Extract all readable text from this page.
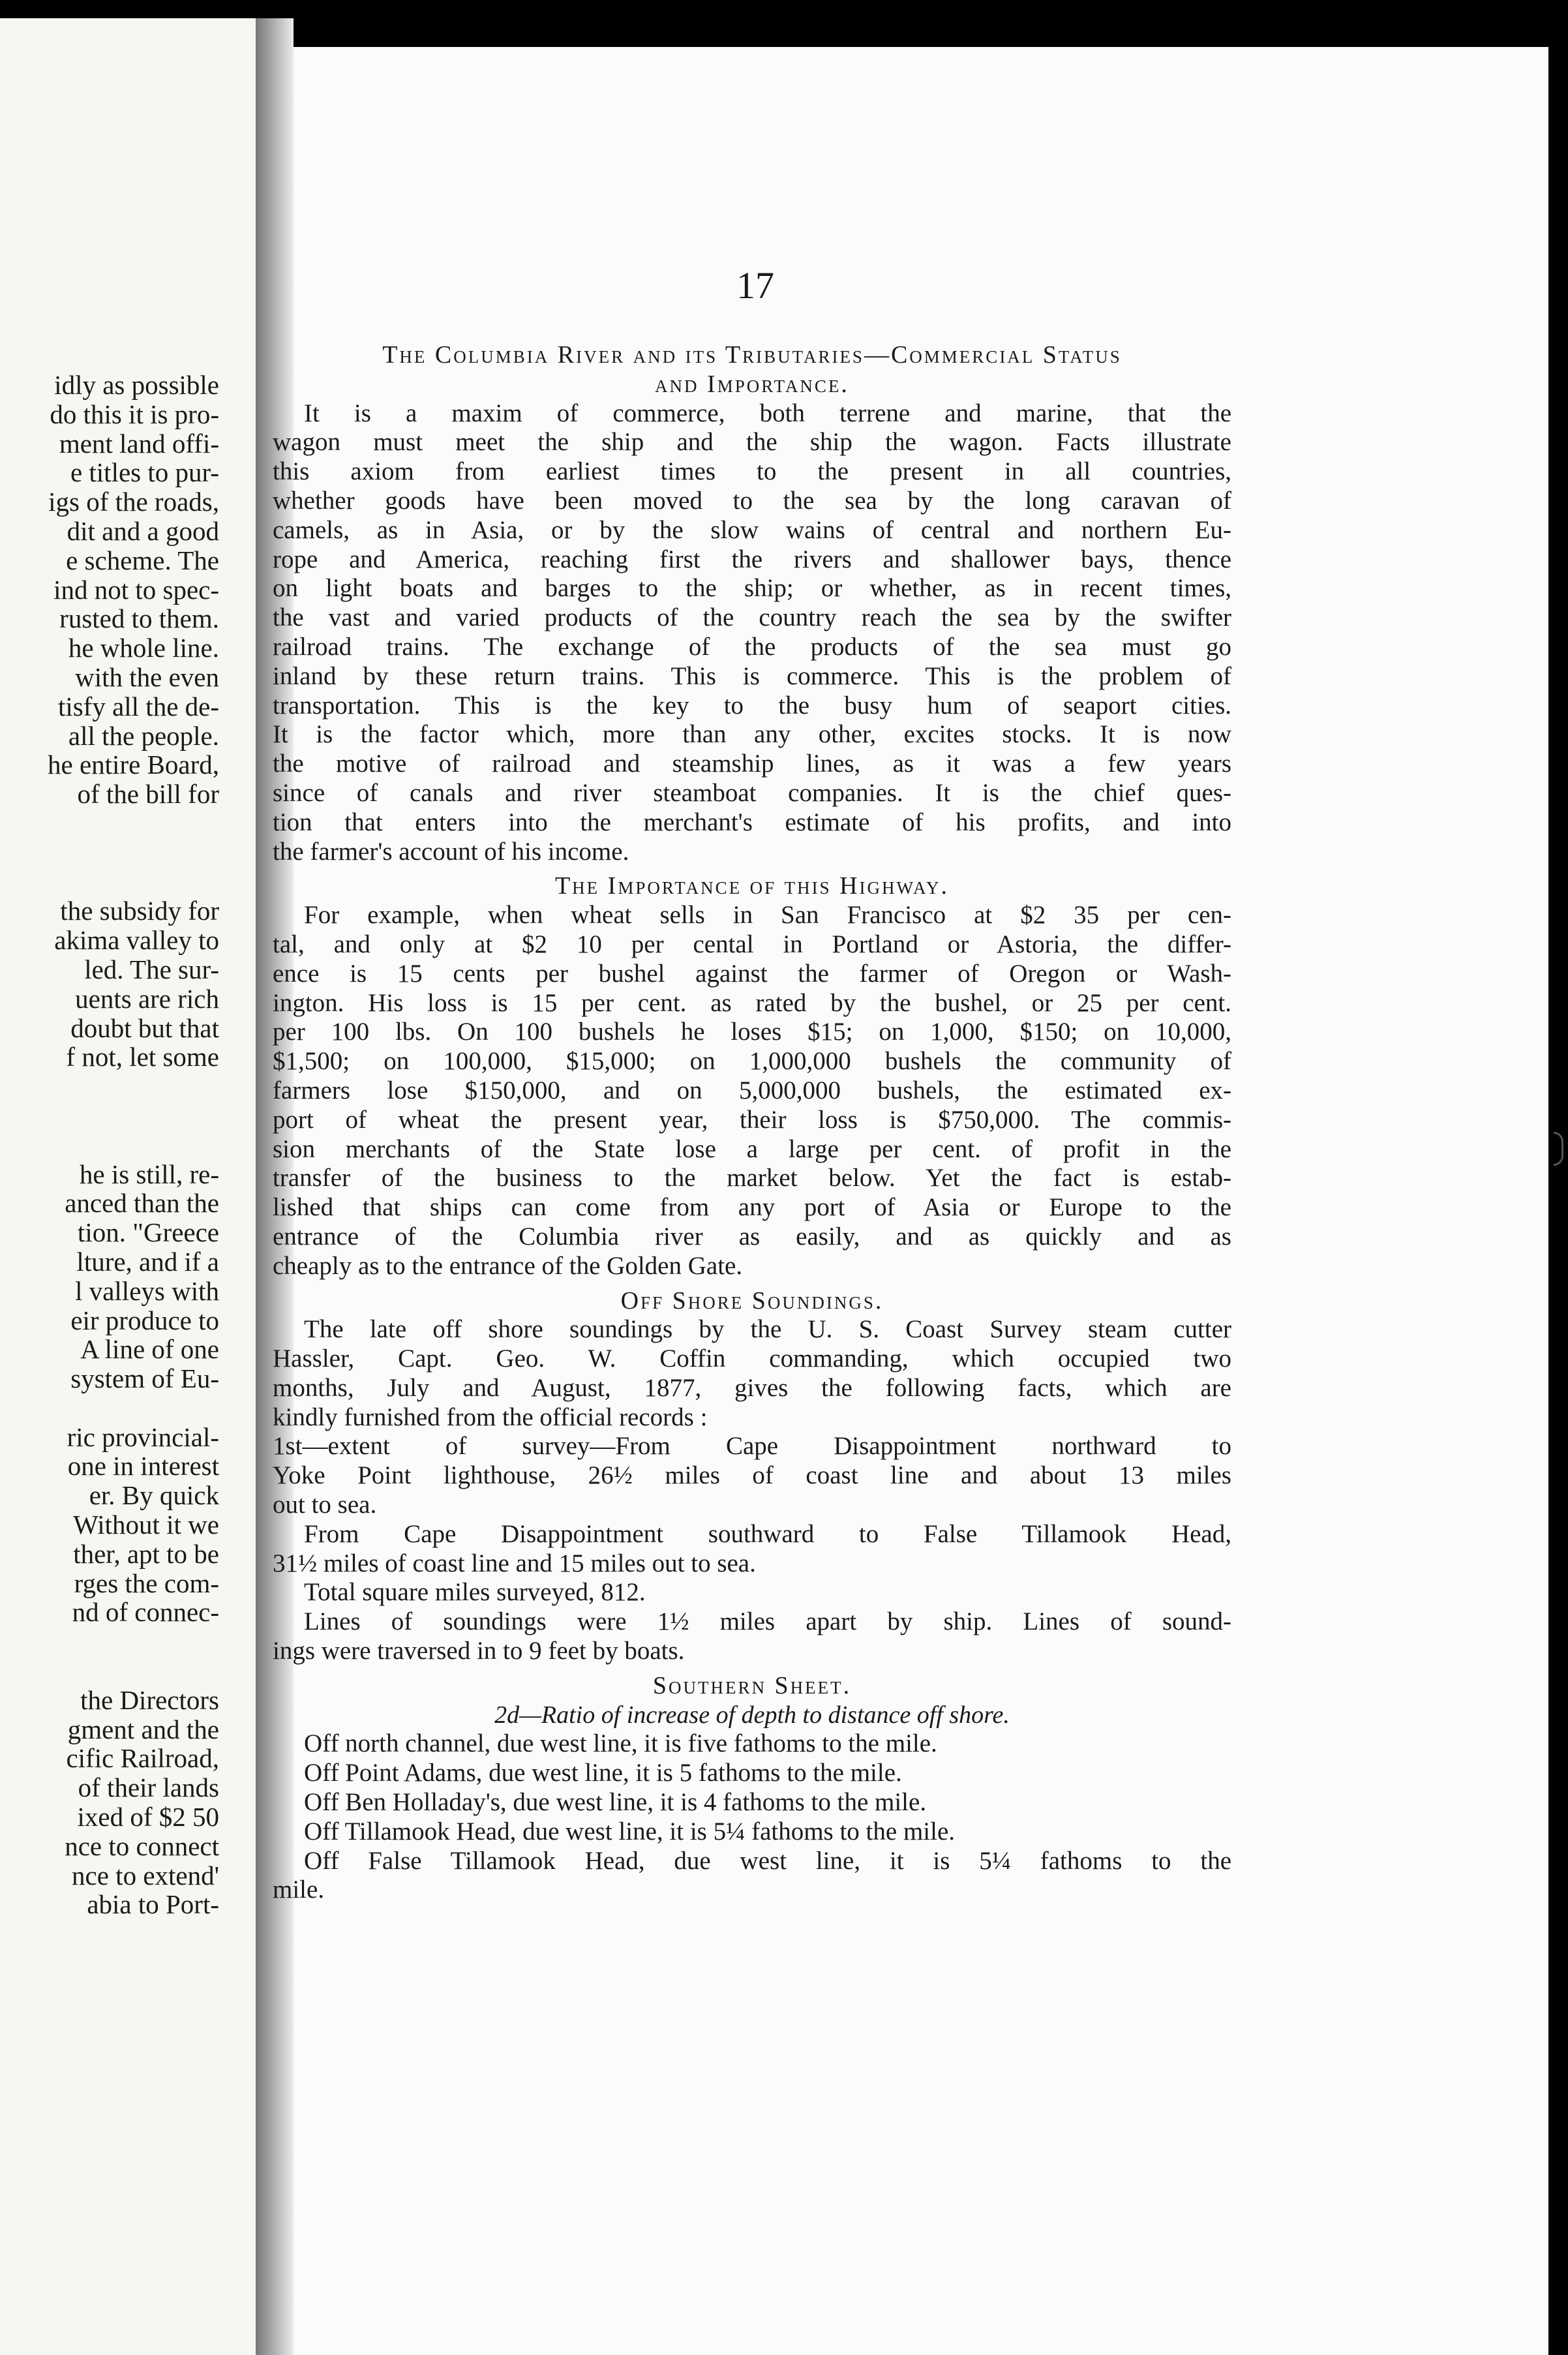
idly as possible
do this it is pro-
ment land offi-
e titles to pur-
igs of the roads,
dit and a good
e scheme. The
ind not to spec-
rusted to them.
he whole line.
with the even
tisfy all the de-
all the people.
he entire Board,
of the bill for
the subsidy for
akima valley to
led. The sur-
uents are rich
doubt but that
f not, let some
he is still, re-
anced than the
tion. "Greece
lture, and if a
l valleys with
eir produce to
A line of one
system of Eu-
ric provincial-
one in interest
er. By quick
Without it we
ther, apt to be
rges the com-
nd of connec-
the Directors
gment and the
cific Railroad,
of their lands
ixed of $2 50
nce to connect
nce to extend'
abia to Port-
17
The Columbia River and its Tributaries—Commercial Status
and Importance.
It is a maxim of commerce, both terrene and marine, that the
wagon must meet the ship and the ship the wagon. Facts illustrate
this axiom from earliest times to the present in all countries,
whether goods have been moved to the sea by the long caravan of
camels, as in Asia, or by the slow wains of central and northern Eu-
rope and America, reaching first the rivers and shallower bays, thence
on light boats and barges to the ship; or whether, as in recent times,
the vast and varied products of the country reach the sea by the swifter
railroad trains. The exchange of the products of the sea must go
inland by these return trains. This is commerce. This is the problem of
transportation. This is the key to the busy hum of seaport cities.
It is the factor which, more than any other, excites stocks. It is now
the motive of railroad and steamship lines, as it was a few years
since of canals and river steamboat companies. It is the chief ques-
tion that enters into the merchant's estimate of his profits, and into
the farmer's account of his income.
The Importance of this Highway.
For example, when wheat sells in San Francisco at $2 35 per cen-
tal, and only at $2 10 per cental in Portland or Astoria, the differ-
ence is 15 cents per bushel against the farmer of Oregon or Wash-
ington. His loss is 15 per cent. as rated by the bushel, or 25 per cent.
per 100 lbs. On 100 bushels he loses $15; on 1,000, $150; on 10,000,
$1,500; on 100,000, $15,000; on 1,000,000 bushels the community of
farmers lose $150,000, and on 5,000,000 bushels, the estimated ex-
port of wheat the present year, their loss is $750,000. The commis-
sion merchants of the State lose a large per cent. of profit in the
transfer of the business to the market below. Yet the fact is estab-
lished that ships can come from any port of Asia or Europe to the
entrance of the Columbia river as easily, and as quickly and as
cheaply as to the entrance of the Golden Gate.
Off Shore Soundings.
The late off shore soundings by the U. S. Coast Survey steam cutter
Hassler, Capt. Geo. W. Coffin commanding, which occupied two
months, July and August, 1877, gives the following facts, which are
kindly furnished from the official records :
1st—extent of survey—From Cape Disappointment northward to
Yoke Point lighthouse, 26½ miles of coast line and about 13 miles
out to sea.
From Cape Disappointment southward to False Tillamook Head,
31½ miles of coast line and 15 miles out to sea.
Total square miles surveyed, 812.
Lines of soundings were 1½ miles apart by ship. Lines of sound-
ings were traversed in to 9 feet by boats.
Southern Sheet.
2d—Ratio of increase of depth to distance off shore.
Off north channel, due west line, it is five fathoms to the mile.
Off Point Adams, due west line, it is 5 fathoms to the mile.
Off Ben Holladay's, due west line, it is 4 fathoms to the mile.
Off Tillamook Head, due west line, it is 5¼ fathoms to the mile.
Off False Tillamook Head, due west line, it is 5¼ fathoms to the
mile.
